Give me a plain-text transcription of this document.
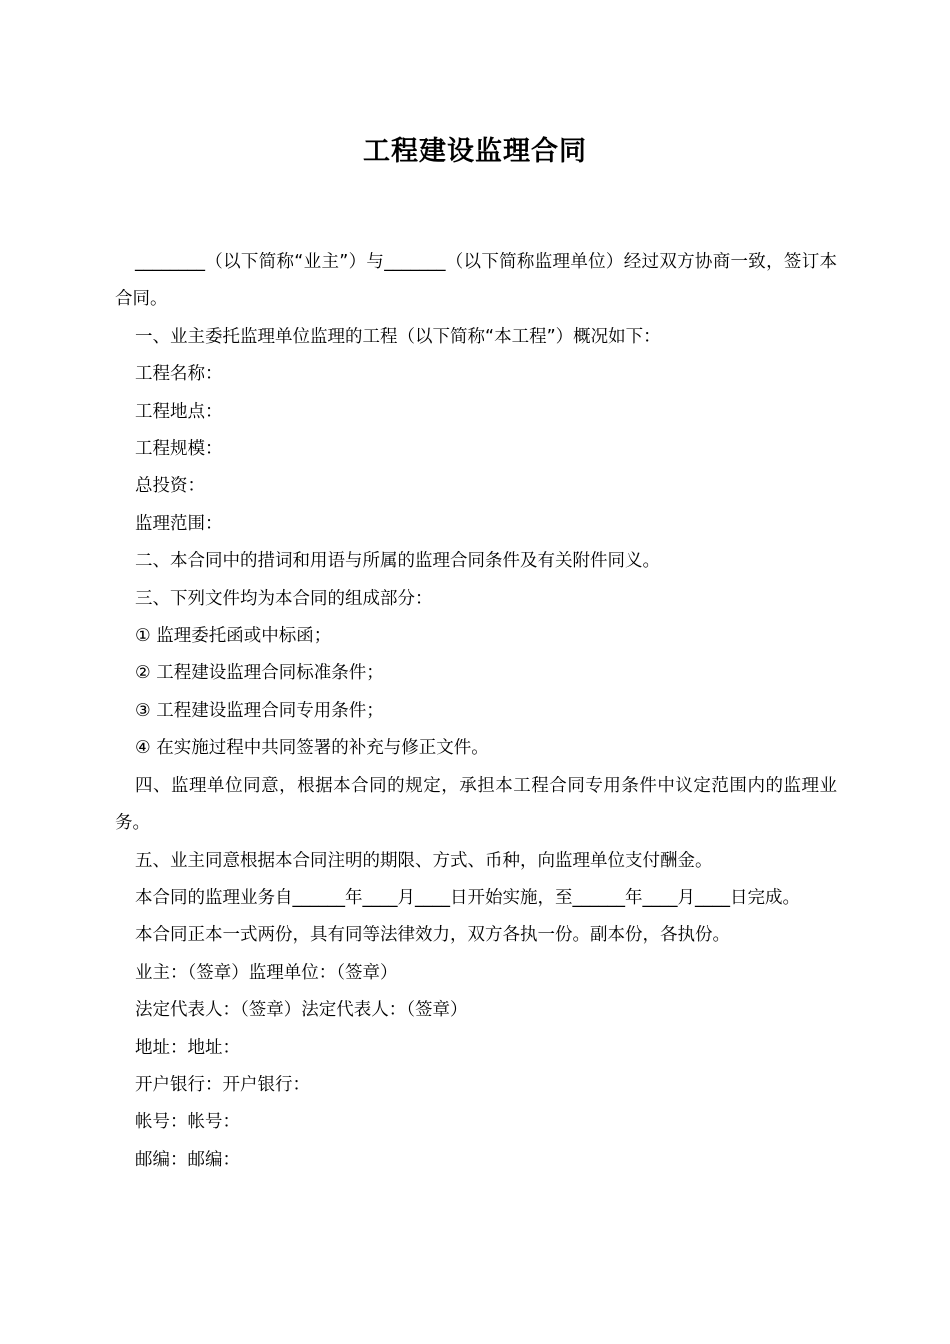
工程建设监理合同

________（以下简称“业主”）与_______（以下简称监理单位）经过双方协商一致，签订本合同。

一、业主委托监理单位监理的工程（以下简称“本工程”）概况如下：

工程名称：

工程地点：

工程规模：

总投资：

监理范围：

二、本合同中的措词和用语与所属的监理合同条件及有关附件同义。

三、下列文件均为本合同的组成部分：

① 监理委托函或中标函；

② 工程建设监理合同标准条件；

③ 工程建设监理合同专用条件；

④ 在实施过程中共同签署的补充与修正文件。

四、监理单位同意，根据本合同的规定，承担本工程合同专用条件中议定范围内的监理业务。

五、业主同意根据本合同注明的期限、方式、币种，向监理单位支付酬金。

本合同的监理业务自______年____月____日开始实施，至______年____月____日完成。

本合同正本一式两份，具有同等法律效力，双方各执一份。副本份，各执份。

业主：（签章）监理单位：（签章）

法定代表人：（签章）法定代表人：（签章）

地址：地址：

开户银行：开户银行：

帐号：帐号：

邮编：邮编：
